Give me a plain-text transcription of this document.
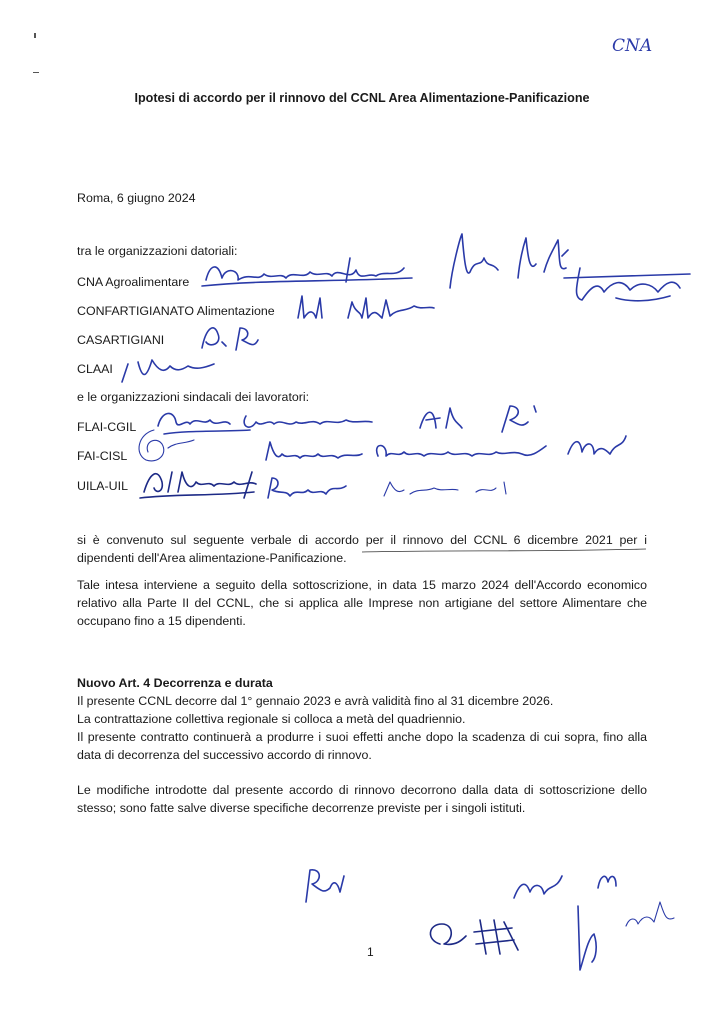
CNA
Ipotesi di accordo per il rinnovo del CCNL Area Alimentazione-Panificazione
Roma, 6 giugno 2024
tra le organizzazioni datoriali:
CNA Agroalimentare
CONFARTIGIANATO Alimentazione
CASARTIGIANI
CLAAI
e le organizzazioni sindacali dei lavoratori:
FLAI-CGIL
FAI-CISL
UILA-UIL
si è convenuto sul seguente verbale di accordo per il rinnovo del CCNL 6 dicembre 2021 per i dipendenti dell'Area alimentazione-Panificazione.
Tale intesa interviene a seguito della sottoscrizione, in data 15 marzo 2024 dell'Accordo economico relativo alla Parte II del CCNL, che si applica alle Imprese non artigiane del settore Alimentare che occupano fino a 15 dipendenti.
Nuovo Art. 4 Decorrenza e durata
Il presente CCNL decorre dal 1° gennaio 2023 e avrà validità fino al 31 dicembre 2026.
La contrattazione collettiva regionale si colloca a metà del quadriennio.
Il presente contratto continuerà a produrre i suoi effetti anche dopo la scadenza di cui sopra, fino alla data di decorrenza del successivo accordo di rinnovo.
Le modifiche introdotte dal presente accordo di rinnovo decorrono dalla data di sottoscrizione dello stesso; sono fatte salve diverse specifiche decorrenze previste per i singoli istituti.
1
